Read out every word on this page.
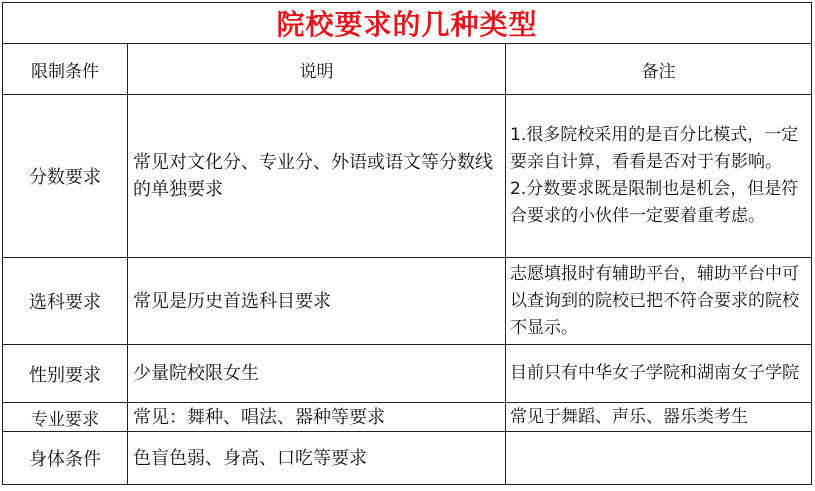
院校要求的几种类型		
限制条件	说明	备注
分数要求	常见对文化分、专业分、外语或语文等分数线的单独要求	1.很多院校采用的是百分比模式，一定要亲自计算，看看是否对于有影响。
2.分数要求既是限制也是机会，但是符合要求的小伙伴一定要着重考虑。

选科要求	常见是历史首选科目要求	志愿填报时有辅助平台，辅助平台中可以查询到的院校已把不符合要求的院校不显示。

性别要求	少量院校限女生	目前只有中华女子学院和湖南女子学院

专业要求	常见：舞种、唱法、器种等要求	常见于舞蹈、声乐、器乐类考生

身体条件	色盲色弱、身高、口吃等要求	
